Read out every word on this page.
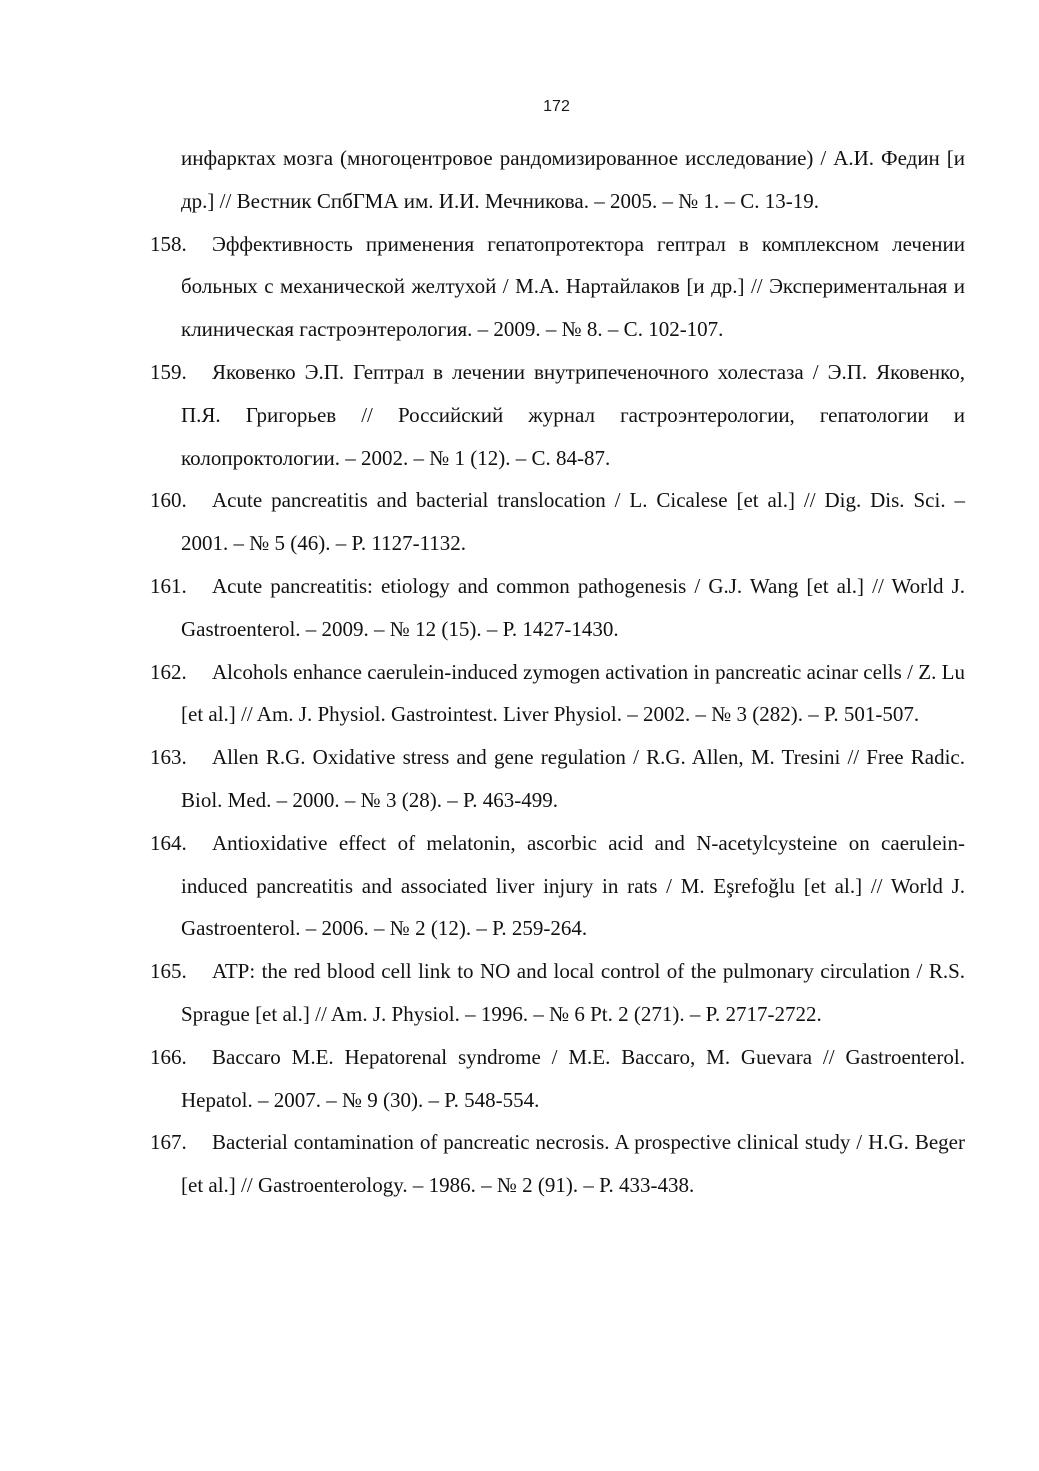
172
инфарктах мозга (многоцентровое рандомизированное исследование) / А.И. Федин [и др.] // Вестник СпбГМА им. И.И. Мечникова. – 2005. – № 1. – С. 13-19.
158. Эффективность применения гепатопротектора гептрал в комплексном лечении больных с механической желтухой / М.А. Нартайлаков [и др.] // Экспериментальная и клиническая гастроэнтерология. – 2009. – № 8. – С. 102-107.
159. Яковенко Э.П. Гептрал в лечении внутрипеченочного холестаза / Э.П. Яковенко, П.Я. Григорьев // Российский журнал гастроэнтерологии, гепатологии и колопроктологии. – 2002. – № 1 (12). – С. 84-87.
160. Acute pancreatitis and bacterial translocation / L. Cicalese [et al.] // Dig. Dis. Sci. – 2001. – № 5 (46). – P. 1127-1132.
161. Acute pancreatitis: etiology and common pathogenesis / G.J. Wang [et al.] // World J. Gastroenterol. – 2009. – № 12 (15). – P. 1427-1430.
162. Alcohols enhance caerulein-induced zymogen activation in pancreatic acinar cells / Z. Lu [et al.] // Am. J. Physiol. Gastrointest. Liver Physiol. – 2002. – № 3 (282). – P. 501-507.
163. Allen R.G. Oxidative stress and gene regulation / R.G. Allen, M. Tresini // Free Radic. Biol. Med. – 2000. – № 3 (28). – P. 463-499.
164. Antioxidative effect of melatonin, ascorbic acid and N-acetylcysteine on caerulein-induced pancreatitis and associated liver injury in rats / M. Eşrefoğlu [et al.] // World J. Gastroenterol. – 2006. – № 2 (12). – P. 259-264.
165. ATP: the red blood cell link to NO and local control of the pulmonary circulation / R.S. Sprague [et al.] // Am. J. Physiol. – 1996. – № 6 Pt. 2 (271). – P. 2717-2722.
166. Baccaro M.E. Hepatorenal syndrome / M.E. Baccaro, M. Guevara // Gastroenterol. Hepatol. – 2007. – № 9 (30). – P. 548-554.
167. Bacterial contamination of pancreatic necrosis. A prospective clinical study / H.G. Beger [et al.] // Gastroenterology. – 1986. – № 2 (91). – P. 433-438.
